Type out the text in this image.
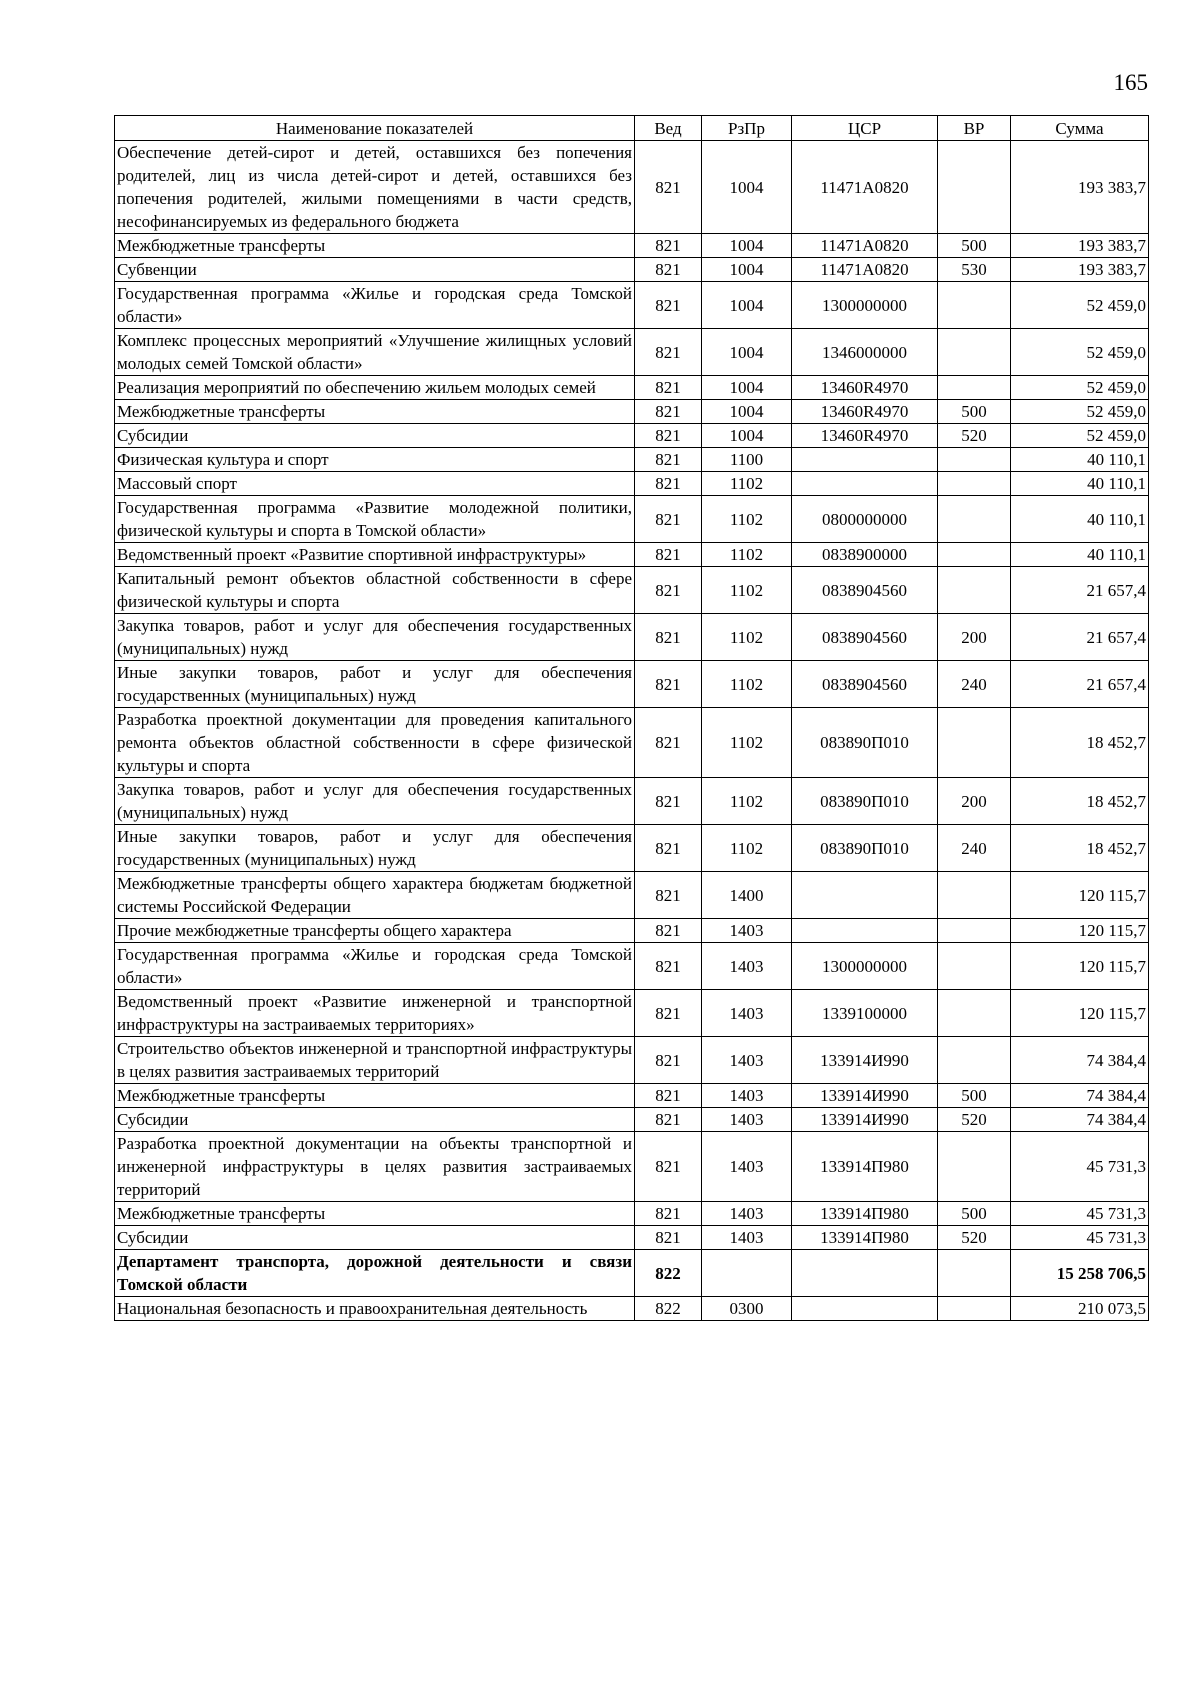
165
Наименование показателей	Вед	РзПр	ЦСР	ВР	Сумма
Обеспечение детей-сирот и детей, оставшихся без попечения родителей, лиц из числа детей-сирот и детей, оставшихся без попечения родителей, жилыми помещениями в части средств, несофинансируемых из федерального бюджета	821	1004	11471A0820		193 383,7
Межбюджетные трансферты	821	1004	11471A0820	500	193 383,7
Субвенции	821	1004	11471A0820	530	193 383,7
Государственная программа «Жилье и городская среда Томской области»	821	1004	1300000000		52 459,0
Комплекс процессных мероприятий «Улучшение жилищных условий молодых семей Томской области»	821	1004	1346000000		52 459,0
Реализация мероприятий по обеспечению жильем молодых семей	821	1004	13460R4970		52 459,0
Межбюджетные трансферты	821	1004	13460R4970	500	52 459,0
Субсидии	821	1004	13460R4970	520	52 459,0
Физическая культура и спорт	821	1100			40 110,1
Массовый спорт	821	1102			40 110,1
Государственная программа «Развитие молодежной политики, физической культуры и спорта в Томской области»	821	1102	0800000000		40 110,1
Ведомственный проект «Развитие спортивной инфраструктуры»	821	1102	0838900000		40 110,1
Капитальный ремонт объектов областной собственности в сфере физической культуры и спорта	821	1102	0838904560		21 657,4
Закупка товаров, работ и услуг для обеспечения государственных (муниципальных) нужд	821	1102	0838904560	200	21 657,4
Иные закупки товаров, работ и услуг для обеспечения государственных (муниципальных) нужд	821	1102	0838904560	240	21 657,4
Разработка проектной документации для проведения капитального ремонта объектов областной собственности в сфере физической культуры и спорта	821	1102	083890П010		18 452,7
Закупка товаров, работ и услуг для обеспечения государственных (муниципальных) нужд	821	1102	083890П010	200	18 452,7
Иные закупки товаров, работ и услуг для обеспечения государственных (муниципальных) нужд	821	1102	083890П010	240	18 452,7
Межбюджетные трансферты общего характера бюджетам бюджетной системы Российской Федерации	821	1400			120 115,7
Прочие межбюджетные трансферты общего характера	821	1403			120 115,7
Государственная программа «Жилье и городская среда Томской области»	821	1403	1300000000		120 115,7
Ведомственный проект «Развитие инженерной и транспортной инфраструктуры на застраиваемых территориях»	821	1403	1339100000		120 115,7
Строительство объектов инженерной и транспортной инфраструктуры в целях развития застраиваемых территорий	821	1403	133914И990		74 384,4
Межбюджетные трансферты	821	1403	133914И990	500	74 384,4
Субсидии	821	1403	133914И990	520	74 384,4
Разработка проектной документации на объекты транспортной и инженерной инфраструктуры в целях развития застраиваемых территорий	821	1403	133914П980		45 731,3
Межбюджетные трансферты	821	1403	133914П980	500	45 731,3
Субсидии	821	1403	133914П980	520	45 731,3
Департамент транспорта, дорожной деятельности и связи Томской области	822				15 258 706,5
Национальная безопасность и правоохранительная деятельность	822	0300			210 073,5
